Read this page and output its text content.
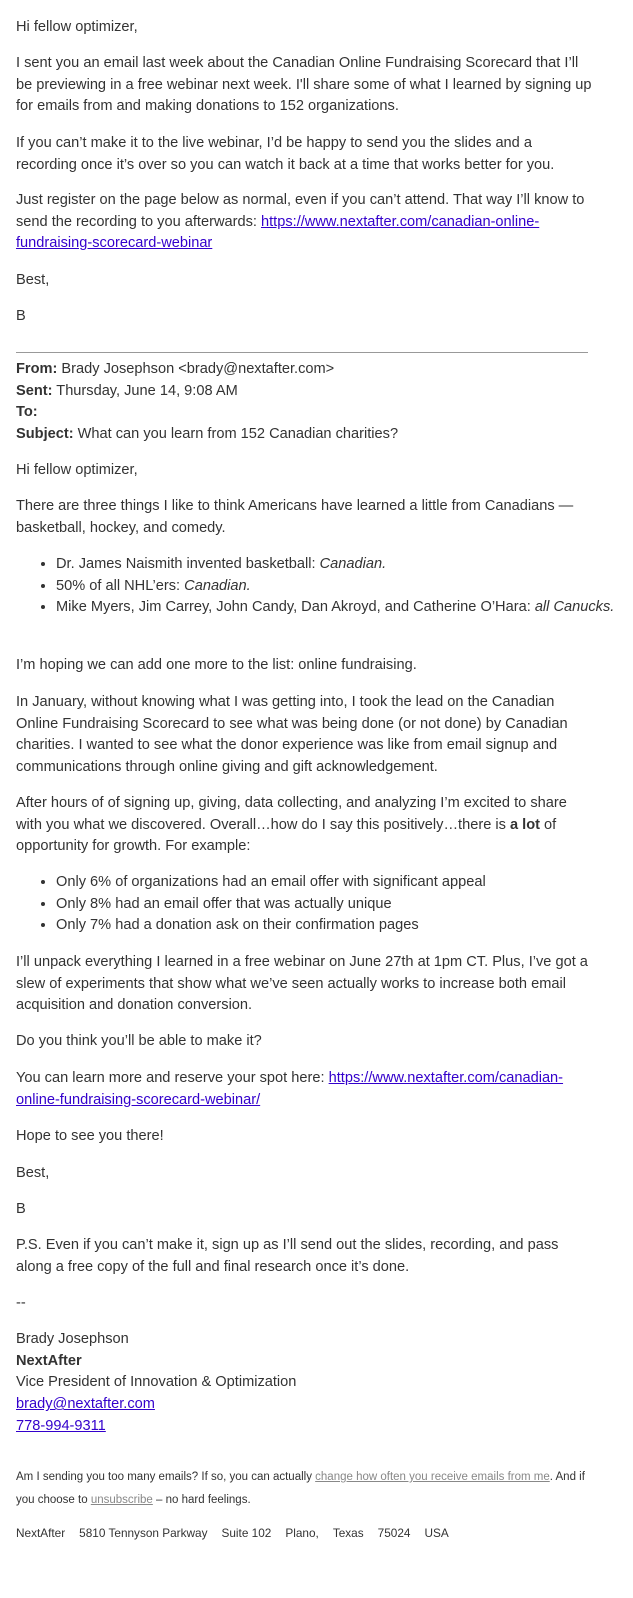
Hi fellow optimizer,

I sent you an email last week about the Canadian Online Fundraising Scorecard that I’ll be previewing in a free webinar next week. I'll share some of what I learned by signing up for emails from and making donations to 152 organizations.

If you can’t make it to the live webinar, I’d be happy to send you the slides and a recording once it’s over so you can watch it back at a time that works better for you.

Just register on the page below as normal, even if you can’t attend. That way I’ll know to send the recording to you afterwards: https://www.nextafter.com/canadian-online-fundraising-scorecard-webinar

Best,

B

From: Brady Josephson <brady@nextafter.com>

Sent: Thursday, June 14, 9:08 AM

To:

Subject: What can you learn from 152 Canadian charities?

Hi fellow optimizer,

There are three things I like to think Americans have learned a little from Canadians — basketball, hockey, and comedy.

• Dr. James Naismith invented basketball: Canadian.
• 50% of all NHL’ers: Canadian.
• Mike Myers, Jim Carrey, John Candy, Dan Akroyd, and Catherine O’Hara: all Canucks.

I’m hoping we can add one more to the list: online fundraising.

In January, without knowing what I was getting into, I took the lead on the Canadian Online Fundraising Scorecard to see what was being done (or not done) by Canadian charities. I wanted to see what the donor experience was like from email signup and communications through online giving and gift acknowledgement.

After hours of of signing up, giving, data collecting, and analyzing I’m excited to share with you what we discovered. Overall…how do I say this positively…there is a lot of opportunity for growth. For example:

• Only 6% of organizations had an email offer with significant appeal
• Only 8% had an email offer that was actually unique
• Only 7% had a donation ask on their confirmation pages

I’ll unpack everything I learned in a free webinar on June 27th at 1pm CT. Plus, I’ve got a slew of experiments that show what we’ve seen actually works to increase both email acquisition and donation conversion.

Do you think you’ll be able to make it?

You can learn more and reserve your spot here: https://www.nextafter.com/canadian-online-fundraising-scorecard-webinar/

Hope to see you there!

Best,

B

P.S. Even if you can’t make it, sign up as I’ll send out the slides, recording, and pass along a free copy of the full and final research once it’s done.

--

Brady Josephson

NextAfter

Vice President of Innovation & Optimization

brady@nextafter.com

778-994-9311

Am I sending you too many emails? If so, you can actually change how often you receive emails from me. And if you choose to unsubscribe – no hard feelings.

NextAfter 5810 Tennyson Parkway Suite 102 Plano, Texas 75024 USA
